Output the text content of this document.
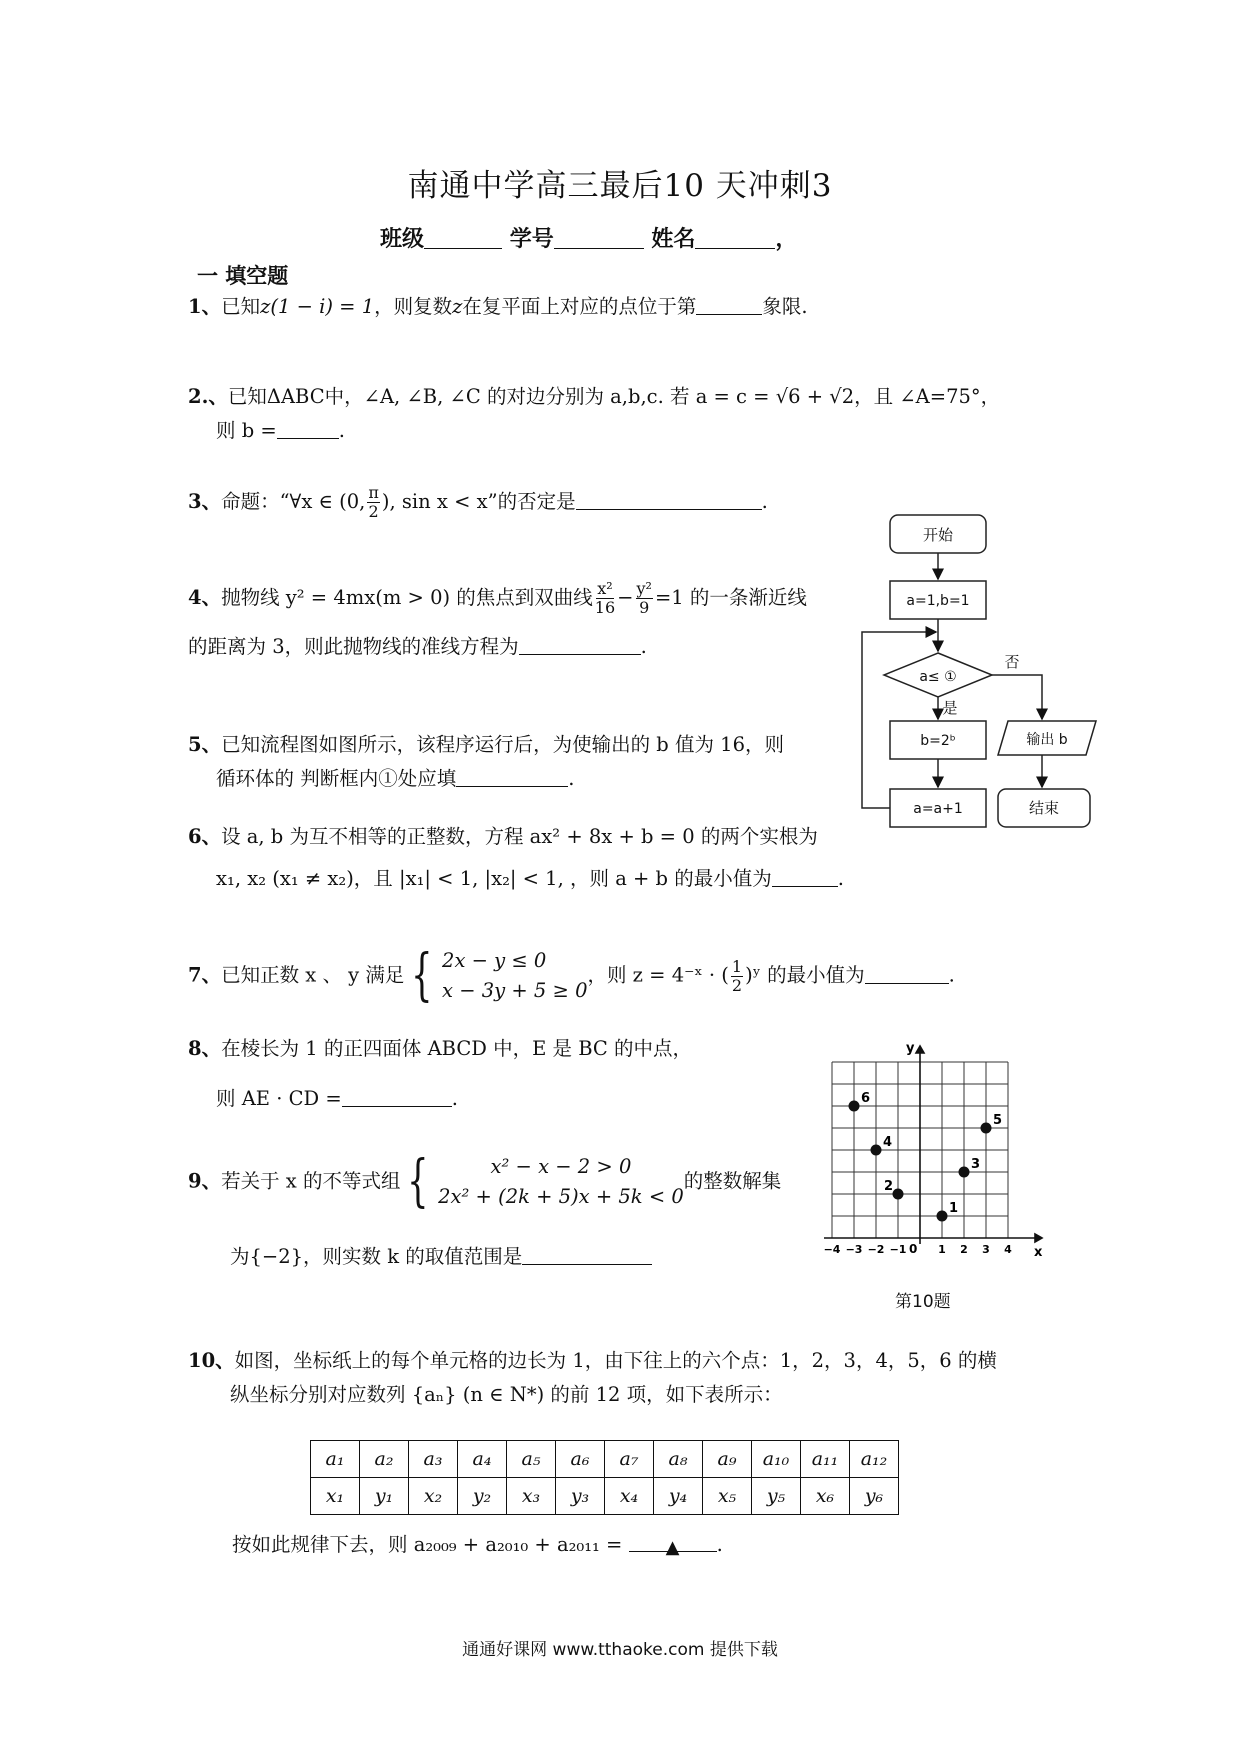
南通中学高三最后10 天冲刺3
班级	学号	姓名	，
一 填空题
1、已知z(1 − i) = 1，则复数z在复平面上对应的点位于第	象限.
2.、已知ΔABC中，∠A, ∠B, ∠C 的对边分别为 a,b,c. 若 a = c = √6 + √2，且 ∠A=75°，
则 b =	.
3、命题：“∀x ∈ (0, $\frac{\pi}{2}$ ), sin x < x”的否定是	.
4、抛物线 y² = 4mx(m > 0) 的焦点到双曲线 $\frac{\text{x²}}{16} - \frac{\text{y²}}{9} =1$ 的一条渐近线
的距离为 3，则此抛物线的准线方程为	.
5、已知流程图如图所示，该程序运行后，为使输出的 b 值为 16，则
循环体的 判断框内①处应填	.
6、设 a, b 为互不相等的正整数，方程 ax² + 8x + b = 0 的两个实根为
x₁, x₂ (x₁ ≠ x₂)，且 |x₁| < 1, |x₂| < 1, ，则 a + b 的最小值为	.
7、已知正数 x 、 y 满足 { 2x − y ≤ 0
x − 3y + 5 ≥ 0
，则 z = 4⁻ˣ · ( $\frac{1}{2}$ )ʸ 的最小值为	.
8、在棱长为 1 的正四面体 ABCD 中，E 是 BC 的中点，
则 AE · CD =	.
9、若关于 x 的不等式组 {	x² − x − 2 > 0
2x² + (2k + 5)x + 5k < 0
的整数解集
为{−2}，则实数 k 的取值范围是
10、如图，坐标纸上的每个单元格的边长为 1，由下往上的六个点：1，2，3，4，5，6 的横
纵坐标分别对应数列 {aₙ} (n ∈ N*) 的前 12 项，如下表所示：
a₁	a₂	a₃	a₄	a₅	a₆	a₇	a₈	a₉	a₁₀	a₁₁	a₁₂
x₁	y₁	x₂	y₂	x₃	y₃	x₄	y₄	x₅	y₅	x₆	y₆
按如此规律下去，则 a₂₀₀₉ + a₂₀₁₀ + a₂₀₁₁ = ▲ .
开始
a=1,b=1
a≤ ①
否
是
b=2ᵇ	输出 b
a=a+1	结束
y
x
0
−4 −3 −2 −1	1 2 3 4
1
2
3
4
5
6
第10题
通通好课网 www.tthaoke.com 提供下载
